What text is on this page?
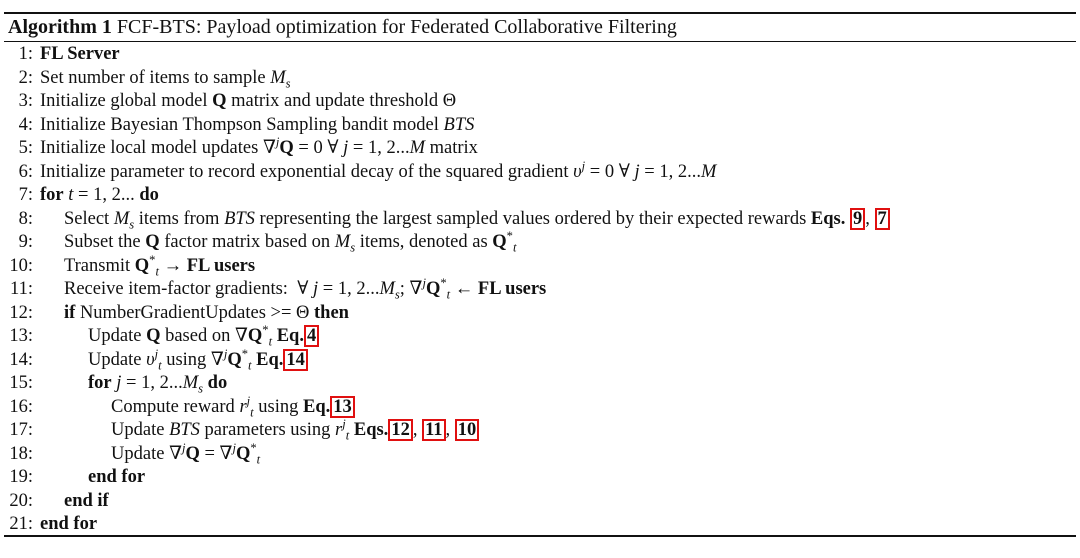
Algorithm 1 FCF-BTS: Payload optimization for Federated Collaborative Filtering
1: FL Server
2: Set number of items to sample $M_s$
3: Initialize global model Q matrix and update threshold Θ
4: Initialize Bayesian Thompson Sampling bandit model BTS
5: Initialize local model updates ∇$^j$Q = 0 ∀ j = 1, 2...M matrix
6: Initialize parameter to record exponential decay of the squared gradient $\upsilon^j = 0$ ∀ j = 1, 2...M
7: for t = 1, 2... do
8: Select $M_s$ items from BTS representing the largest sampled values ordered by their expected rewards Eqs. 9 , 7
9: Subset the Q factor matrix based on $M_s$ items, denoted as $Q^*_t$
10: Transmit $Q^*_t$ → FL users
11: Receive item-factor gradients:  ∀ j = 1, $2...M_s$; $\nabla^jQ^*_t$ ← FL users
12: if NumberGradientUpdates >= Θ then
13:	Update Q based on $\nabla Q^*_t$ Eq. 4
14:	Update $\upsilon^j_t$ using $\nabla^jQ^*_t$ Eq. 14
15:	for j = 1, $2...M_s$ do
16:	Compute reward $r^j_t$ using Eq. 13
17:	Update BTS parameters using $r^j_t$ Eqs. 12 , 11 , 10
18:	Update $\nabla^jQ = \nabla^jQ^*_t$
19:	end for
20: end if
21: end for
